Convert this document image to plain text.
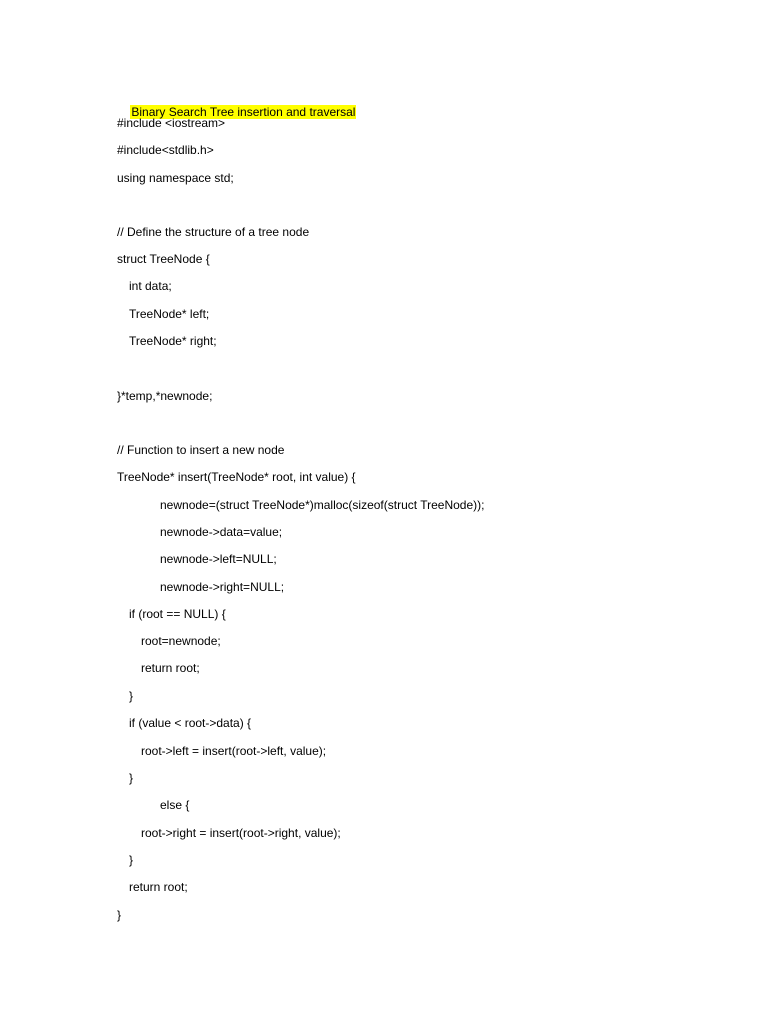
Binary Search Tree insertion and traversal

#include <iostream>
#include<stdlib.h>
using namespace std;
// Define the structure of a tree node
struct TreeNode {
int data;
TreeNode* left;
TreeNode* right;
}*temp,*newnode;
// Function to insert a new node
TreeNode* insert(TreeNode* root, int value) {
newnode=(struct TreeNode*)malloc(sizeof(struct TreeNode));
newnode->data=value;
newnode->left=NULL;
newnode->right=NULL;
if (root == NULL) {
root=newnode;
return root;
}
if (value < root->data) {
root->left = insert(root->left, value);
}
else {
root->right = insert(root->right, value);
}
return root;
}
